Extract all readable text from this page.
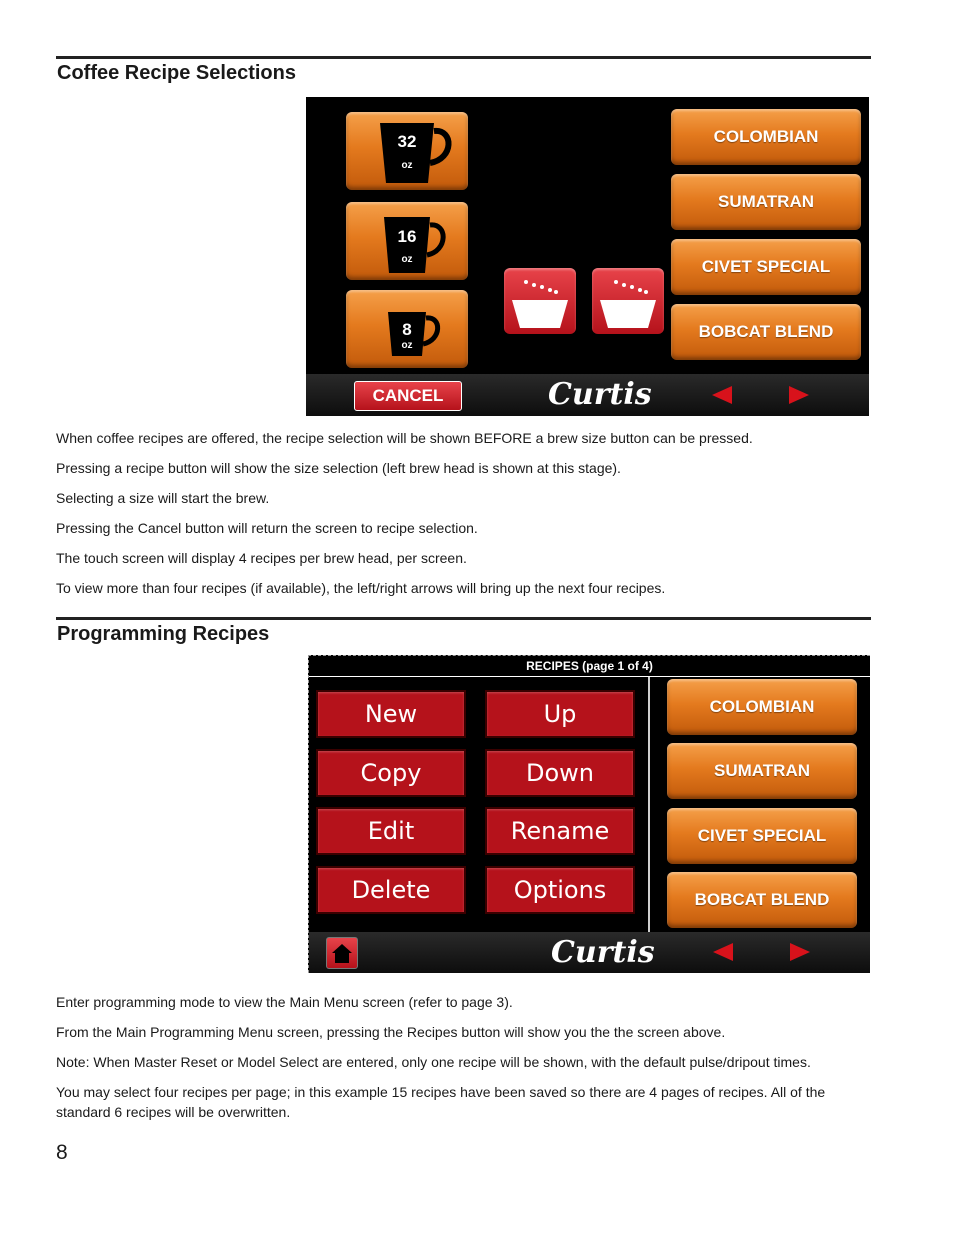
Coffee Recipe Selections
32
oz
16
oz
8
oz
COLOMBIAN
SUMATRAN
CIVET SPECIAL
BOBCAT BLEND
CANCEL	Curtis
When coffee recipes are offered, the recipe selection will be shown BEFORE a brew size button can be pressed.
Pressing a recipe button will show the size selection (left brew head is shown at this stage).
Selecting a size will start the brew.
Pressing the Cancel button will return the screen to recipe selection.
The touch screen will display 4 recipes per brew head, per screen.
To view more than four recipes (if available), the left/right arrows will bring up the next four recipes.
Programming Recipes
RECIPES (page 1 of 4)
New	Up
Copy	Down
Edit	Rename
Delete	Options
COLOMBIAN
SUMATRAN
CIVET SPECIAL
BOBCAT BLEND
Curtis
Enter programming mode to view the Main Menu screen (refer to page 3).
From the Main Programming Menu screen, pressing the Recipes button will show you the the screen above.
Note: When Master Reset or Model Select are entered, only one recipe will be shown, with the default pulse/dripout times.
You may select four recipes per page; in this example 15 recipes have been saved so there are 4 pages of recipes. All of the standard 6 recipes will be overwritten.
8
